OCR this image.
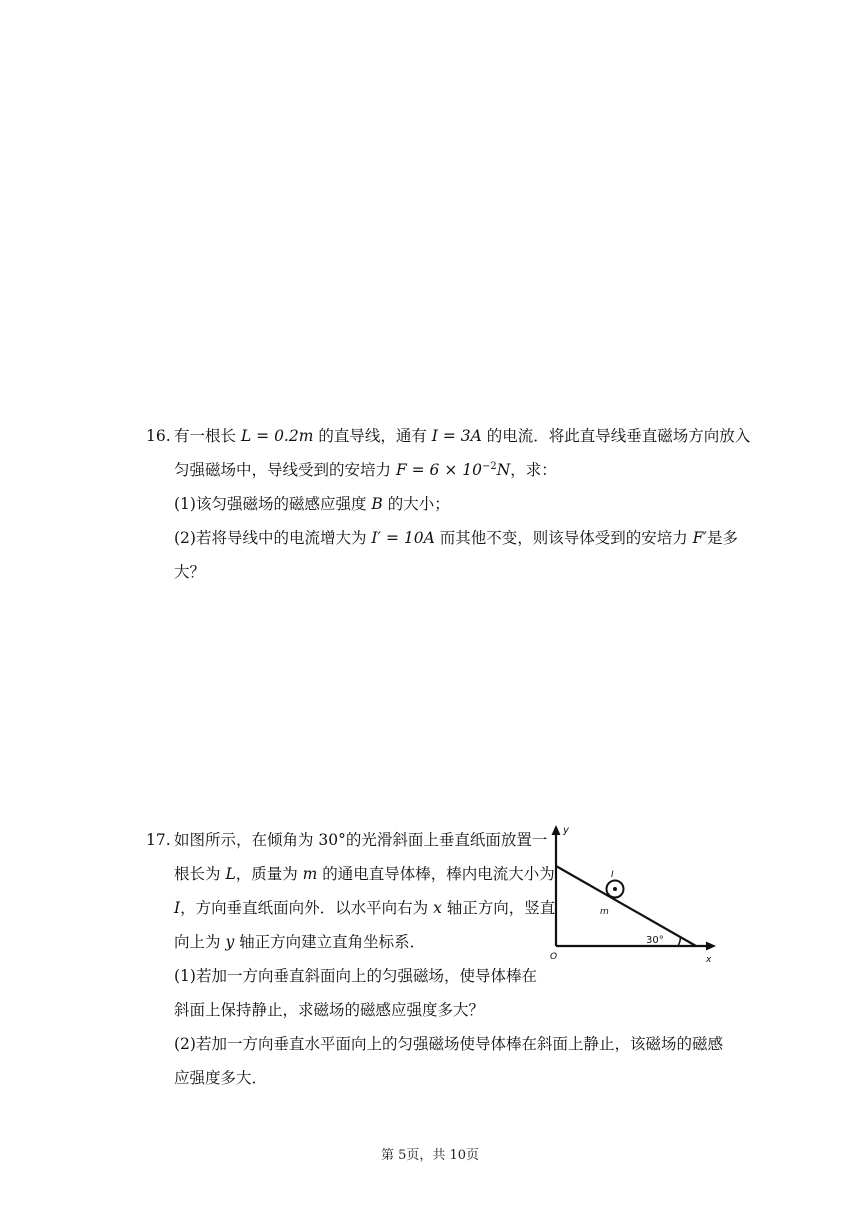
16. 有一根长 L = 0.2m 的直导线，通有 I = 3A 的电流．将此直导线垂直磁场方向放入
匀强磁场中，导线受到的安培力 $F = 6 \times 10^{-2}N$，求：
(1)该匀强磁场的磁感应强度 B 的大小；
(2)若将导线中的电流增大为 I′ = 10A 而其他不变，则该导体受到的安培力 F′是多
大？
17. 如图所示，在倾角为 30°的光滑斜面上垂直纸面放置一
根长为 L，质量为 m 的通电直导体棒，棒内电流大小为
I，方向垂直纸面向外．以水平向右为 x 轴正方向，竖直
向上为 y 轴正方向建立直角坐标系．
(1)若加一方向垂直斜面向上的匀强磁场，使导体棒在
斜面上保持静止，求磁场的磁感应强度多大？
(2)若加一方向垂直水平面向上的匀强磁场使导体棒在斜面上静止，该磁场的磁感
应强度多大．
y
x
O
I
m
30°
第 5页，共 10页
